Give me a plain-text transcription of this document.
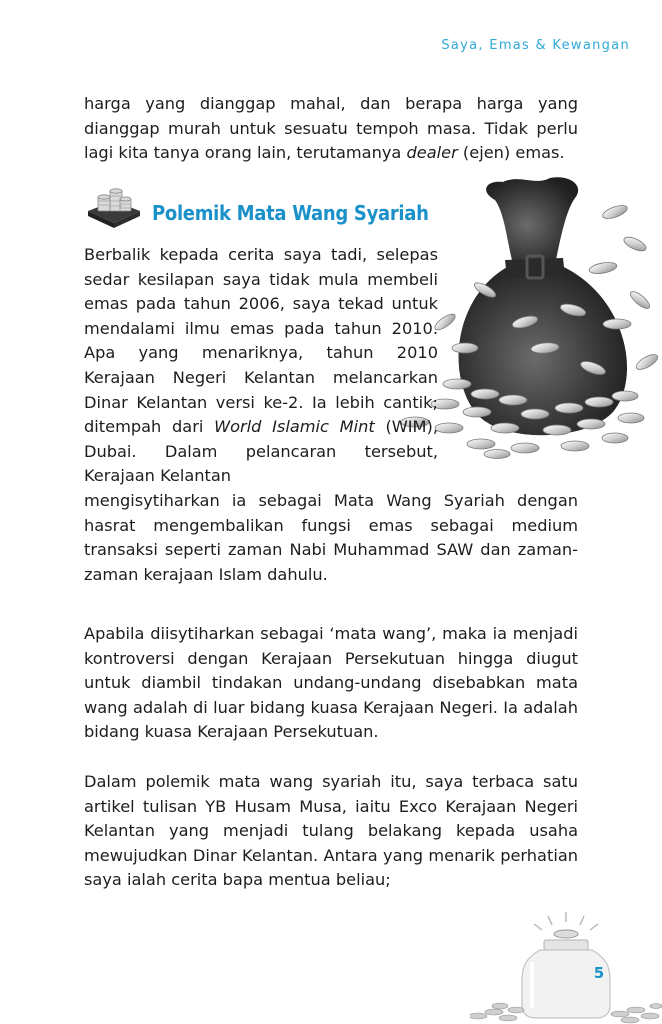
Saya, Emas & Kewangan

harga yang dianggap mahal, dan berapa harga yang dianggap murah untuk sesuatu tempoh masa. Tidak perlu lagi kita tanya orang lain, terutamanya dealer (ejen) emas.

Polemik Mata Wang Syariah

Berbalik kepada cerita saya tadi, selepas sedar kesilapan saya tidak mula membeli emas pada tahun 2006, saya tekad untuk mendalami ilmu emas pada tahun 2010. Apa yang menariknya, tahun 2010 Kerajaan Negeri Kelantan melancarkan Dinar Kelantan versi ke-2. Ia lebih cantik; ditempah dari World Islamic Mint (WIM), Dubai. Dalam pelancaran tersebut, Kerajaan Kelantan

mengisytiharkan ia sebagai Mata Wang Syariah dengan hasrat mengembalikan fungsi emas sebagai medium transaksi seperti zaman Nabi Muhammad SAW dan zaman-zaman kerajaan Islam dahulu.

Apabila diisytiharkan sebagai ‘mata wang’, maka ia menjadi kontroversi dengan Kerajaan Persekutuan hingga diugut untuk diambil tindakan undang-undang disebabkan mata wang adalah di luar bidang kuasa Kerajaan Negeri. Ia adalah bidang kuasa Kerajaan Persekutuan.

Dalam polemik mata wang syariah itu, saya terbaca satu artikel tulisan YB Husam Musa, iaitu Exco Kerajaan Negeri Kelantan yang menjadi tulang belakang kepada usaha mewujudkan Dinar Kelantan. Antara yang menarik perhatian saya ialah cerita bapa mentua beliau;

5
